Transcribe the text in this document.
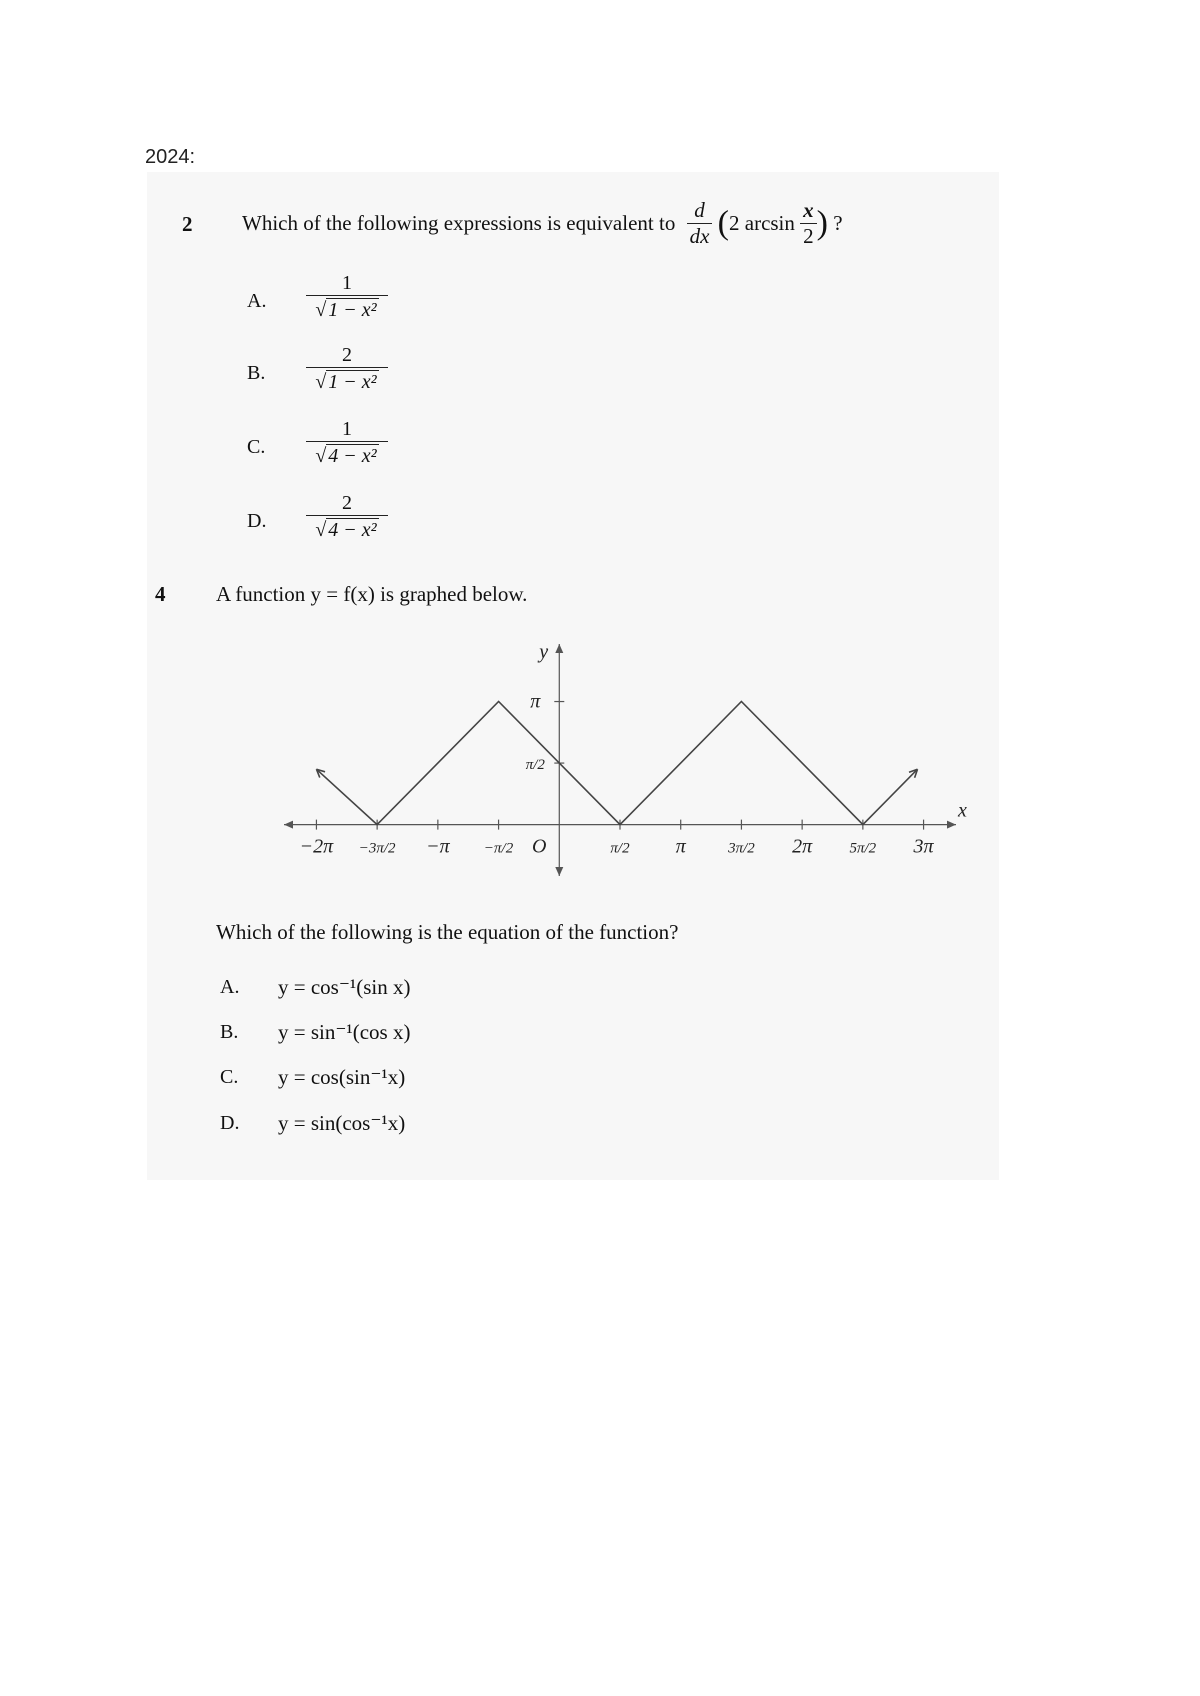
2024:
2 Which of the following expressions is equivalent to $\frac{d}{dx} (2$ $\arcsin \frac{x}{2}$ ) ?
A. $\frac{1}{\text{√ 1 − x²}}$
B. $\frac{2}{\text{√ 1 − x²}}$
C. $\frac{1}{\text{√ 4 − x²}}$
D. $\frac{2}{\text{√ 4 − x²}}$
4 A function y = f(x) is graphed below.
−2π −3π/2 −π −π/2 O	π/2 π	3π/2 2π 5π/2 3π
π/2
π
x
y
Which of the following is the equation of the function?
A. y = cos⁻¹(sin x)
B. y = sin⁻¹(cos x)
C. y = cos(sin⁻¹x)
D. y = sin(cos⁻¹x)
